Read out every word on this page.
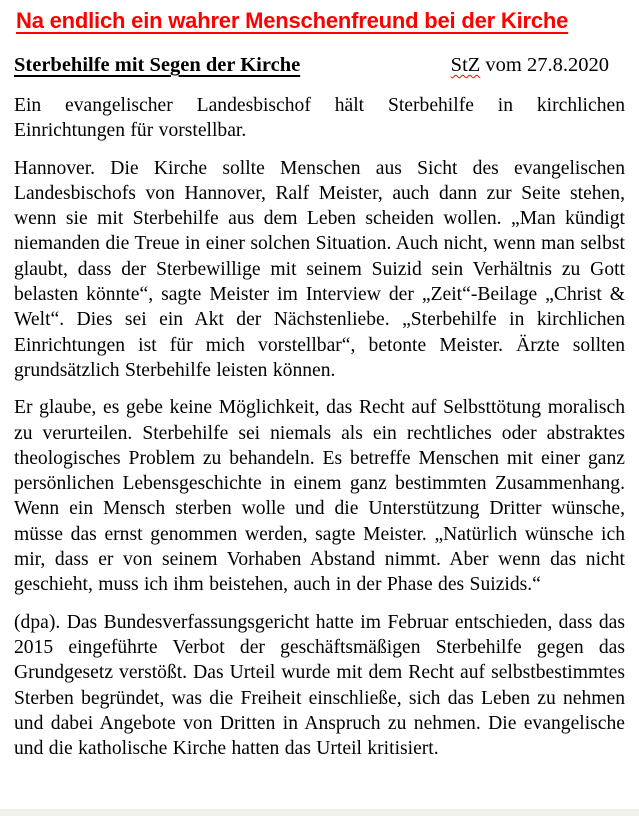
Na endlich ein wahrer Menschenfreund bei der Kirche
Sterbehilfe mit Segen der Kirche	StZ vom 27.8.2020

Ein evangelischer Landesbischof hält Sterbehilfe in kirchlichen Einrichtungen für vorstellbar.

Hannover. Die Kirche sollte Menschen aus Sicht des evangelischen Landesbischofs von Hannover, Ralf Meister, auch dann zur Seite stehen, wenn sie mit Sterbehilfe aus dem Leben scheiden wollen. „Man kündigt niemanden die Treue in einer solchen Situation. Auch nicht, wenn man selbst glaubt, dass der Sterbewillige mit seinem Suizid sein Verhältnis zu Gott belasten könnte“, sagte Meister im Interview der „Zeit“-Beilage „Christ & Welt“. Dies sei ein Akt der Nächstenliebe. „Sterbehilfe in kirchlichen Einrichtungen ist für mich vorstellbar“, betonte Meister. Ärzte sollten grundsätzlich Sterbehilfe leisten können.

Er glaube, es gebe keine Möglichkeit, das Recht auf Selbsttötung moralisch zu verurteilen. Sterbehilfe sei niemals als ein rechtliches oder abstraktes theologisches Problem zu behandeln. Es betreffe Menschen mit einer ganz persönlichen Lebensgeschichte in einem ganz bestimmten Zusammenhang. Wenn ein Mensch sterben wolle und die Unterstützung Dritter wünsche, müsse das ernst genommen werden, sagte Meister. „Natürlich wünsche ich mir, dass er von seinem Vorhaben Abstand nimmt. Aber wenn das nicht geschieht, muss ich ihm beistehen, auch in der Phase des Suizids.“

(dpa). Das Bundesverfassungsgericht hatte im Februar entschieden, dass das 2015 eingeführte Verbot der geschäftsmäßigen Sterbehilfe gegen das Grundgesetz verstößt. Das Urteil wurde mit dem Recht auf selbstbestimmtes Sterben begründet, was die Freiheit einschließe, sich das Leben zu nehmen und dabei Angebote von Dritten in Anspruch zu nehmen. Die evangelische und die katholische Kirche hatten das Urteil kritisiert.
